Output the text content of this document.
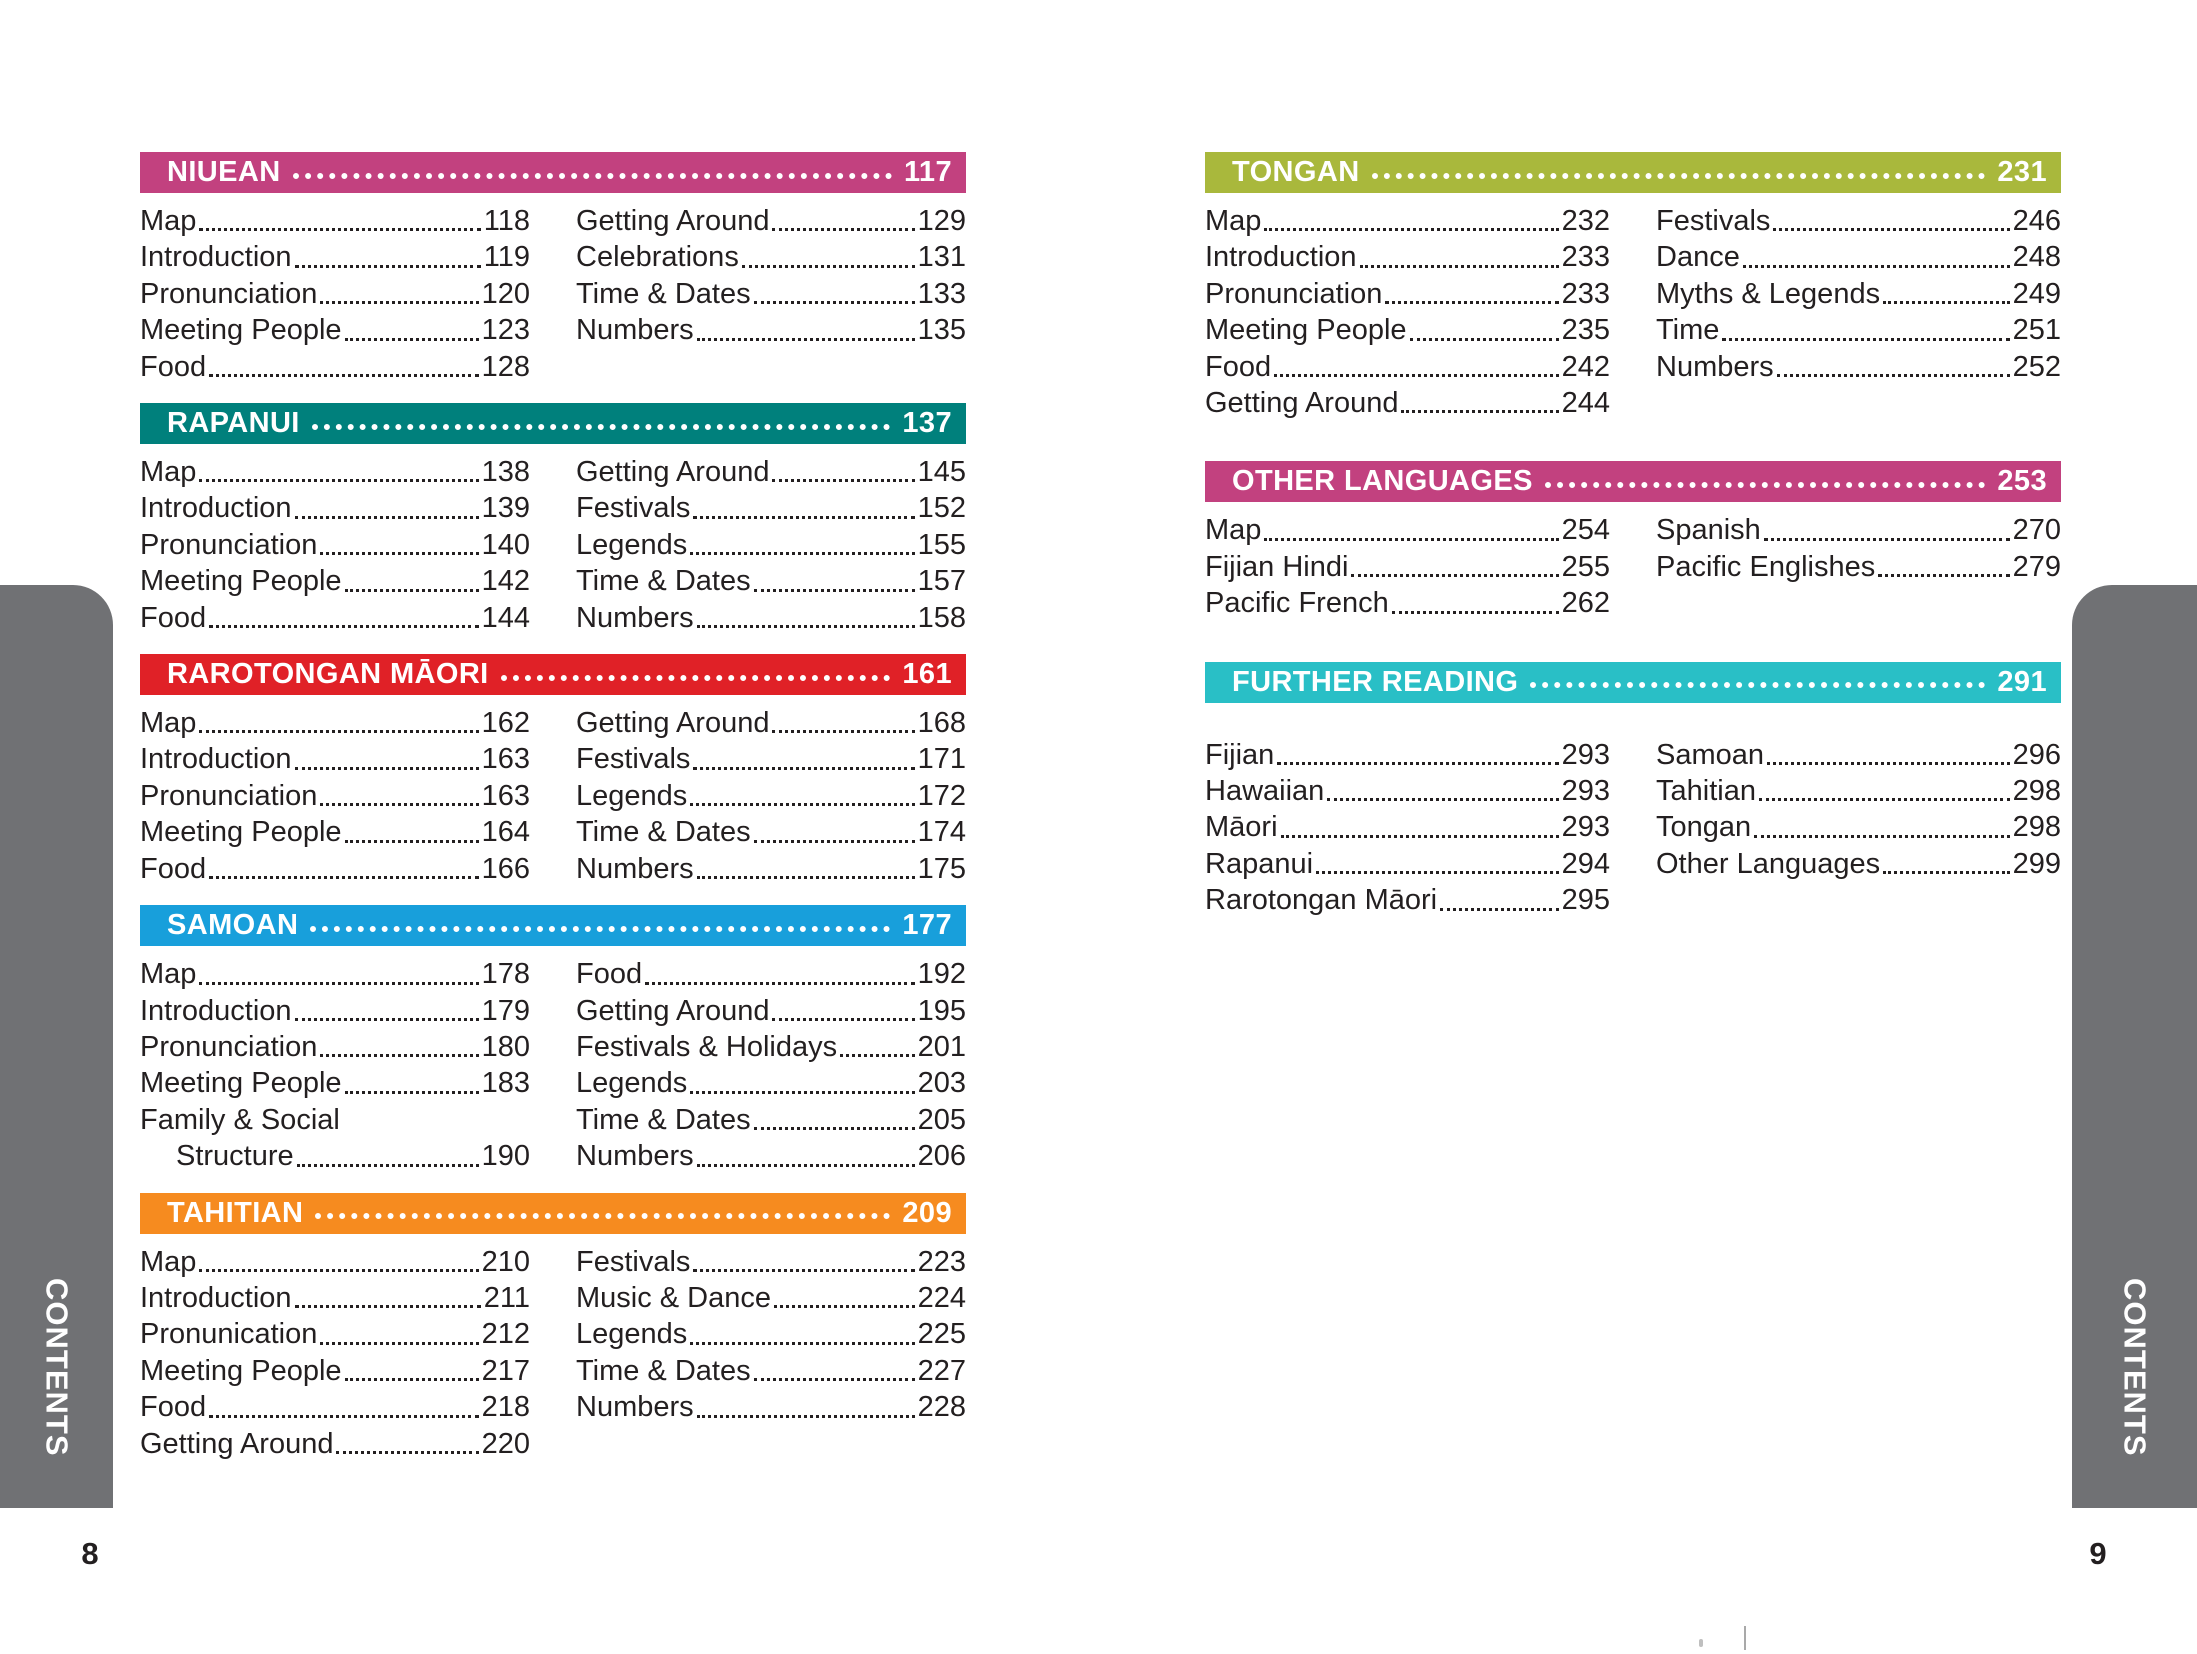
CONTENTS	CONTENTS
NIUEAN	117
Map	118
Introduction	119
Pronunciation	120
Meeting People	123
Food	128
Getting Around	129
Celebrations	131
Time & Dates	133
Numbers	135
RAPANUI	137
Map	138
Introduction	139
Pronunciation	140
Meeting People	142
Food	144
Getting Around	145
Festivals	152
Legends	155
Time & Dates	157
Numbers	158
RAROTONGAN MĀORI	161
Map	162
Introduction	163
Pronunciation	163
Meeting People	164
Food	166
Getting Around	168
Festivals	171
Legends	172
Time & Dates	174
Numbers	175
SAMOAN	177
Map	178
Introduction	179
Pronunciation	180
Meeting People	183
Family & Social
Structure	190
Food	192
Getting Around	195
Festivals & Holidays	201
Legends	203
Time & Dates	205
Numbers	206
TAHITIAN	209
Map	210
Introduction	211
Pronunication	212
Meeting People	217
Food	218
Getting Around	220
Festivals	223
Music & Dance	224
Legends	225
Time & Dates	227
Numbers	228
TONGAN	231
Map	232
Introduction	233
Pronunciation	233
Meeting People	235
Food	242
Getting Around	244
Festivals	246
Dance	248
Myths & Legends	249
Time	251
Numbers	252
OTHER LANGUAGES	253
Map	254
Fijian Hindi	255
Pacific French	262
Spanish	270
Pacific Englishes	279
FURTHER READING	291
Fijian	293
Hawaiian	293
Māori	293
Rapanui	294
Rarotongan Māori	295
Samoan	296
Tahitian	298
Tongan	298
Other Languages	299
8	9
